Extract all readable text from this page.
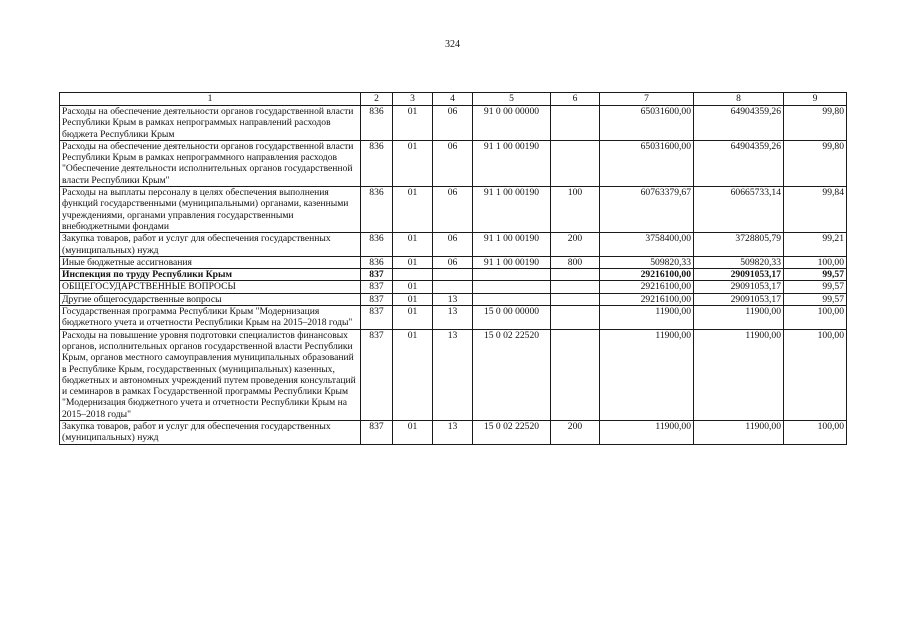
324
1	2	3	4	5	6	7	8	9
Расходы на обеспечение деятельности органов государственной власти Республики Крым в рамках непрограммых направлений расходов бюджета Республики Крым	836	01	06	91 0 00 00000		65031600,00	64904359,26	99,80
Расходы на обеспечение деятельности органов государственной власти Республики Крым в рамках непрограммного направления расходов "Обеспечение деятельности исполнительных органов государственной власти Республики Крым"	836	01	06	91 1 00 00190		65031600,00	64904359,26	99,80
Расходы на выплаты персоналу в целях обеспечения выполнения функций государственными (муниципальными) органами, казенными учреждениями, органами управления государственными внебюджетными фондами	836	01	06	91 1 00 00190	100	60763379,67	60665733,14	99,84
Закупка товаров, работ и услуг для обеспечения государственных (муниципальных) нужд	836	01	06	91 1 00 00190	200	3758400,00	3728805,79	99,21
Иные бюджетные ассигнования	836	01	06	91 1 00 00190	800	509820,33	509820,33	100,00
Инспекция по труду Республики Крым	837					29216100,00	29091053,17	99,57
ОБЩЕГОСУДАРСТВЕННЫЕ ВОПРОСЫ	837	01				29216100,00	29091053,17	99,57
Другие общегосударственные вопросы	837	01	13			29216100,00	29091053,17	99,57
Государственная программа Республики Крым "Модернизация бюджетного учета и отчетности Республики Крым на 2015–2018 годы"	837	01	13	15 0 00 00000		11900,00	11900,00	100,00
Расходы на повышение уровня подготовки специалистов финансовых органов, исполнительных органов государственной власти Республики Крым, органов местного самоуправления муниципальных образований в Республике Крым, государственных (муниципальных) казенных, бюджетных и автономных учреждений путем проведения консультаций и семинаров в рамках Государственной программы Республики Крым "Модернизация бюджетного учета и отчетности Республики Крым на 2015–2018 годы"	837	01	13	15 0 02 22520		11900,00	11900,00	100,00
Закупка товаров, работ и услуг для обеспечения государственных (муниципальных) нужд	837	01	13	15 0 02 22520	200	11900,00	11900,00	100,00
